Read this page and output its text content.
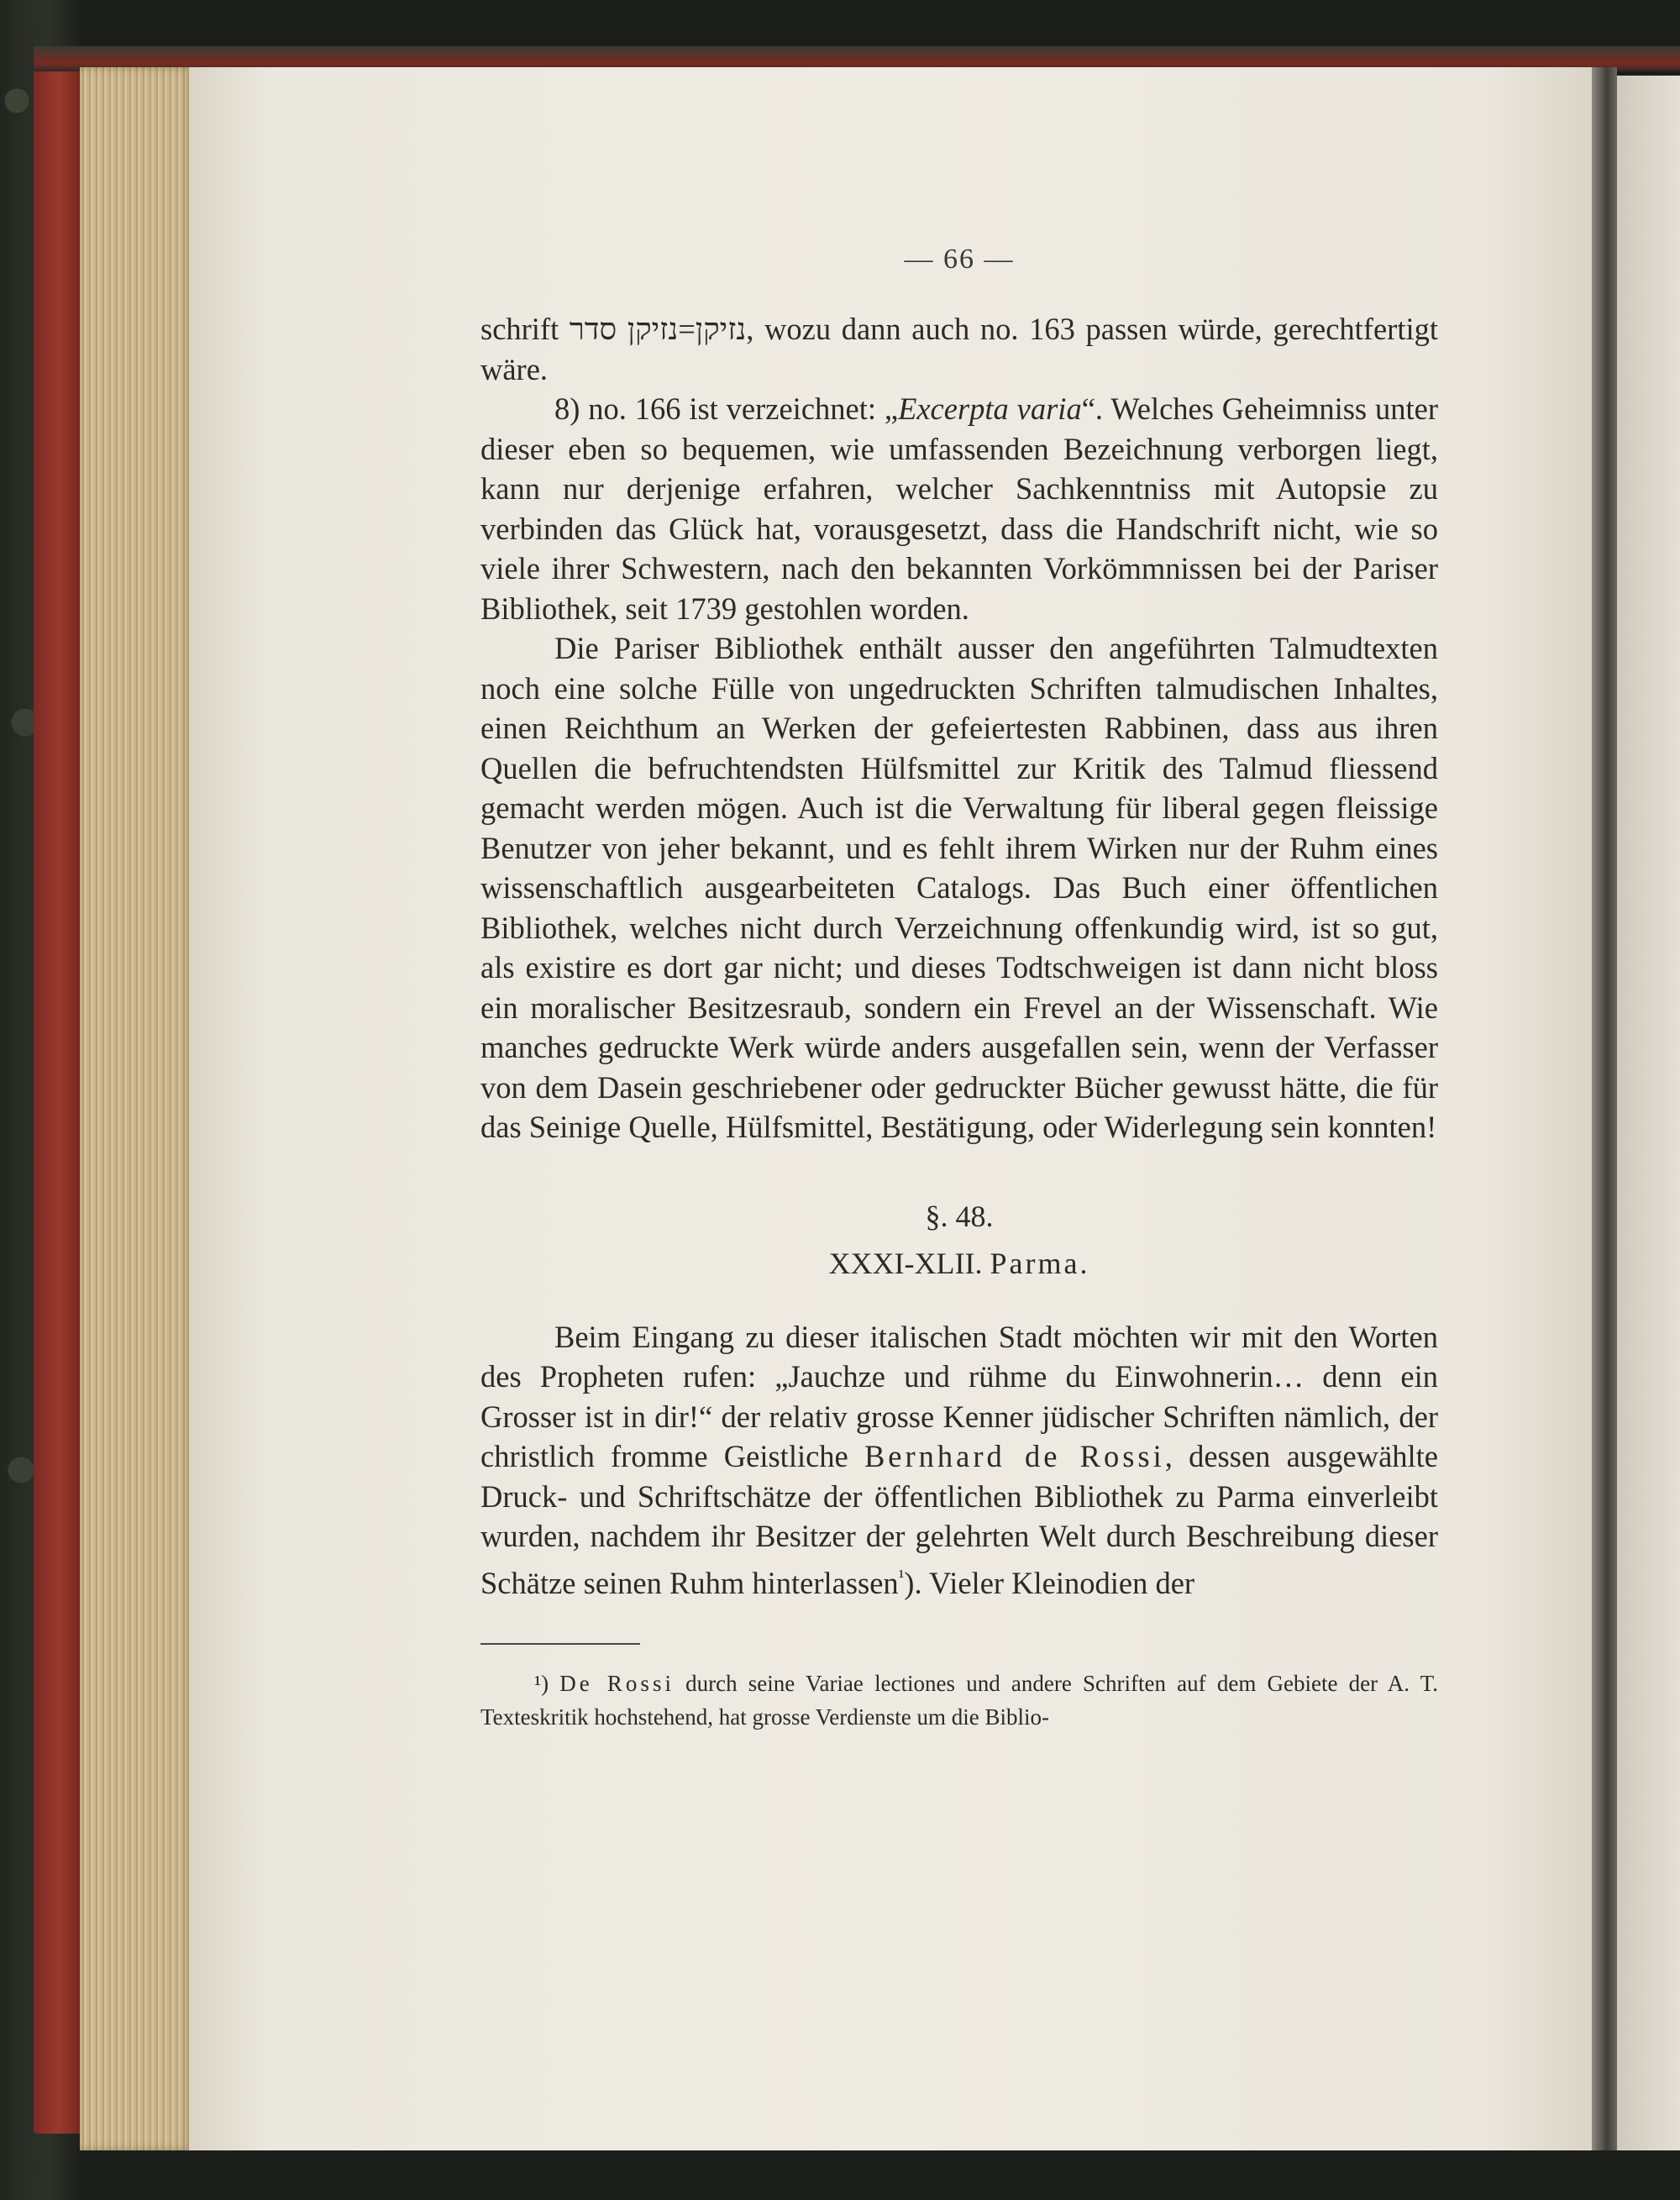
— 66 —

schrift נזיקן=נזיקן סדר, wozu dann auch no. 163 passen würde, gerechtfertigt wäre.

8) no. 166 ist verzeichnet: „Excerpta varia“. Welches Geheimniss unter dieser eben so bequemen, wie umfassenden Bezeichnung verborgen liegt, kann nur derjenige erfahren, welcher Sachkenntniss mit Autopsie zu verbinden das Glück hat, vorausgesetzt, dass die Handschrift nicht, wie so viele ihrer Schwestern, nach den bekannten Vorkömmnissen bei der Pariser Bibliothek, seit 1739 gestohlen worden.

Die Pariser Bibliothek enthält ausser den angeführten Talmudtexten noch eine solche Fülle von ungedruckten Schriften talmudischen Inhaltes, einen Reichthum an Werken der gefeiertesten Rabbinen, dass aus ihren Quellen die befruchtendsten Hülfsmittel zur Kritik des Talmud fliessend gemacht werden mögen. Auch ist die Verwaltung für liberal gegen fleissige Benutzer von jeher bekannt, und es fehlt ihrem Wirken nur der Ruhm eines wissenschaftlich ausgearbeiteten Catalogs. Das Buch einer öffentlichen Bibliothek, welches nicht durch Verzeichnung offenkundig wird, ist so gut, als existire es dort gar nicht; und dieses Todtschweigen ist dann nicht bloss ein moralischer Besitzesraub, sondern ein Frevel an der Wissenschaft. Wie manches gedruckte Werk würde anders ausgefallen sein, wenn der Verfasser von dem Dasein geschriebener oder gedruckter Bücher gewusst hätte, die für das Seinige Quelle, Hülfsmittel, Bestätigung, oder Widerlegung sein konnten!

§. 48.
XXXI-XLII. Parma.

Beim Eingang zu dieser italischen Stadt möchten wir mit den Worten des Propheten rufen: „Jauchze und rühme du Einwohnerin… denn ein Grosser ist in dir!“ der relativ grosse Kenner jüdischer Schriften nämlich, der christlich fromme Geistliche Bernhard de Rossi, dessen ausgewählte Druck- und Schriftschätze der öffentlichen Bibliothek zu Parma einverleibt wurden, nachdem ihr Besitzer der gelehrten Welt durch Beschreibung dieser Schätze seinen Ruhm hinterlassen$^{^1}$). Vieler Kleinodien der

¹) De Rossi durch seine Variae lectiones und andere Schriften auf dem Gebiete der A. T. Texteskritik hochstehend, hat grosse Verdienste um die Biblio-
